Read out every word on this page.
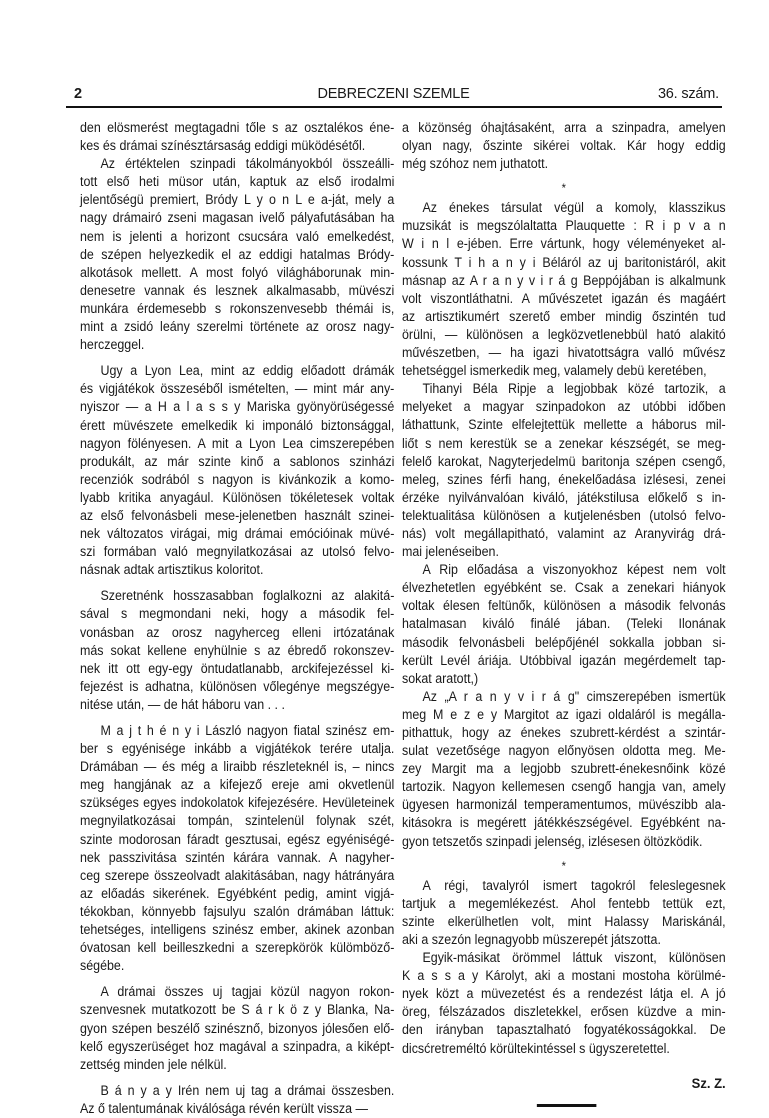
2	DEBRECZENI SZEMLE	36. szám.

den elösmerést megtagadni tőle s az osztalékos éne-
kes és drámai színésztársaság eddigi müködésétől.

Az értéktelen szinpadi tákolmányokból összeálli-
tott első heti müsor után, kaptuk az első irodalmi
jelentőségü premiert, Bródy L y o n L e a-ját, mely a
nagy drámairó zseni magasan ivelő pályafutásában ha
nem is jelenti a horizont csucsára való emelkedést,
de szépen helyezkedik el az eddigi hatalmas Bródy-
alkotások mellett. A most folyó világháborunak min-
denesetre vannak és lesznek alkalmasabb, müvészi
munkára érdemesebb s rokonszenvesebb thémái is,
mint a zsidó leány szerelmi története az orosz nagy-
herczeggel.

Ugy a Lyon Lea, mint az eddig előadott drámák
és vigjátékok összeséből ismételten, — mint már any-
nyiszor — a H a l a s s y Mariska gyönyörüségessé
érett müvészete emelkedik ki imponáló biztonsággal,
nagyon fölényesen. A mit a Lyon Lea cimszerepében
produkált, az már szinte kinő a sablonos szinházi
recenziók sodrából s nagyon is kivánkozik a komo-
lyabb kritika anyagául. Különösen tökéletesek voltak
az első felvonásbeli mese-jelenetben használt szinei-
nek változatos virágai, mig drámai emócióinak müvé-
szi formában való megnyilatkozásai az utolsó felvo-
násnak adtak artisztikus koloritot.

Szeretnénk hosszasabban foglalkozni az alakitá-
sával s megmondani neki, hogy a második fel-
vonásban az orosz nagyherceg elleni irtózatának
más sokat kellene enyhülnie s az ébredő rokonszev-
nek itt ott egy-egy öntudatlanabb, arckifejezéssel ki-
fejezést is adhatna, különösen vőlegénye megszégye-
nitése után, — de hát háboru van . . .

M a j t h é n y i László nagyon fiatal szinész em-
ber s egyénisége inkább a vigjátékok terére utalja.
Drámában — és még a liraibb részleteknél is, – nincs
meg hangjának az a kifejező ereje ami okvetlenül
szükséges egyes indokolatok kifejezésére. Hevületeinek
megnyilatkozásai tompán, szintelenül folynak szét,
szinte modorosan fáradt gesztusai, egész egyéniségé-
nek passzivitása szintén kárára vannak. A nagyher-
ceg szerepe összeolvadt alakitásában, nagy hátrányára
az előadás sikerének. Egyébként pedig, amint vigjá-
tékokban, könnyebb fajsulyu szalón drámában láttuk:
tehetséges, intelligens szinész ember, akinek azonban
óvatosan kell beilleszkedni a szerepkörök külömböző-
ségébe.

A drámai összes uj tagjai közül nagyon rokon-
szenvesnek mutatkozott be S á r k ö z y Blanka, Na-
gyon szépen beszélő szinésznő, bizonyos jólesően elő-
kelő egyszerüséget hoz magával a szinpadra, a kiképt-
zettség minden jele nélkül.

B á n y a y Irén nem uj tag a drámai összesben.
Az ő talentumának kiválósága révén került vissza —

a közönség óhajtásaként, arra a szinpadra, amelyen
olyan nagy, őszinte sikérei voltak. Kár hogy eddig
még szóhoz nem juthatott.

*

Az énekes társulat végül a komoly, klasszikus
muzsikát is megszólaltatta Plauquette : R i p v a n
W i n l e-jében. Erre vártunk, hogy véleményeket al-
kossunk T i h a n y i Béláról az uj baritonistáról, akit
másnap az A r a n y v i r á g Beppójában is alkalmunk
volt viszontláthatni. A művészetet igazán és magáért
az artisztikumért szerető ember mindig őszintén tud
örülni, — különösen a legközvetlenebbül ható alakitó
művészetben, — ha igazi hivatottságra valló művész
tehetséggel ismerkedik meg, valamely debü keretében,

Tihanyi Béla Ripje a legjobbak közé tartozik, a
melyeket a magyar szinpadokon az utóbbi időben
láthattunk, Szinte elfelejtettük mellette a háborus mil-
liőt s nem kerestük se a zenekar készségét, se meg-
felelő karokat, Nagyterjedelmü baritonja szépen csengő,
meleg, szines férfi hang, énekelőadása izlésesi, zenei
érzéke nyilvánvalóan kiváló, játékstilusa előkelő s in-
telektualitása különösen a kutjelenésben (utolsó felvo-
nás) volt megállapitható, valamint az Aranyvirág drá-
mai jelenéseiben.

A Rip előadása a viszonyokhoz képest nem volt
élvezhetetlen egyébként se. Csak a zenekari hiányok
voltak élesen feltünők, különösen a második felvonás
hatalmasan kiváló finálé jában. (Teleki Ilonának
második felvonásbeli belépőjénél sokkalla jobban si-
került Levél áriája. Utóbbival igazán megérdemelt tap-
sokat aratott,)

Az „A r a n y v i r á g" cimszerepében ismertük
meg M e z e y Margitot az igazi oldaláról is megálla-
pithattuk, hogy az énekes szubrett-kérdést a szintár-
sulat vezetősége nagyon előnyösen oldotta meg. Me-
zey Margit ma a legjobb szubrett-énekesnőink közé
tartozik. Nagyon kellemesen csengő hangja van, amely
ügyesen harmonizál temperamentumos, müvészibb ala-
kitásokra is megérett játékkészségével. Egyébként na-
gyon tetszetős szinpadi jelenség, izlésesen öltözködik.

*

A régi, tavalyról ismert tagokról feleslegesnek
tartjuk a megemlékezést. Ahol fentebb tettük ezt,
szinte elkerülhetlen volt, mint Halassy Mariskánál,
aki a szezón legnagyobb müszerepét játszotta.

Egyik-másikat örömmel láttuk viszont, különösen
K a s s a y Károlyt, aki a mostani mostoha körülmé-
nyek közt a müvezetést és a rendezést látja el. A jó
öreg, félszázados diszletekkel, erősen küzdve a min-
den irányban tapasztalható fogyatékosságokkal. De
dicsćretreméltó körültekintéssel s ügyszeretettel.

Sz. Z.
